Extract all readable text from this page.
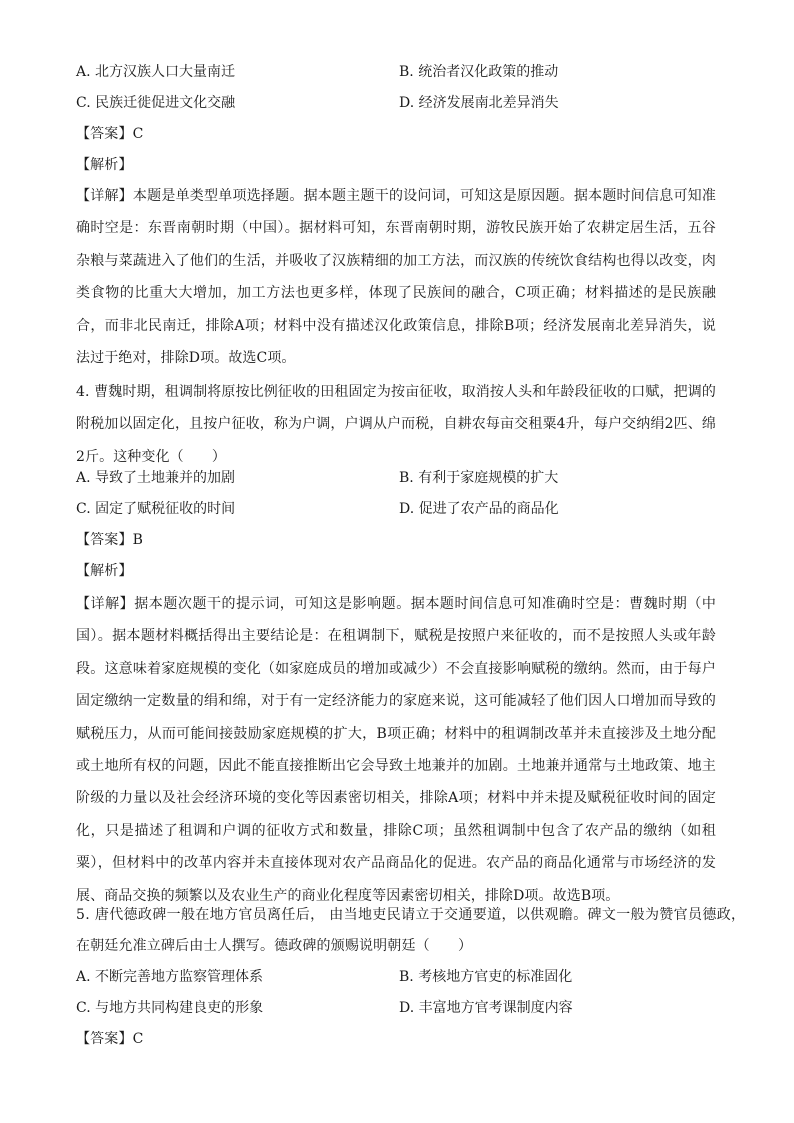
A. 北方汉族人口大量南迁	B. 统治者汉化政策的推动
C. 民族迁徙促进文化交融	D. 经济发展南北差异消失
【答案】C
【解析】
【详解】本题是单类型单项选择题。据本题主题干的设问词，可知这是原因题。据本题时间信息可知准确时空是：东晋南朝时期（中国）。据材料可知，东晋南朝时期，游牧民族开始了农耕定居生活，五谷杂粮与菜蔬进入了他们的生活，并吸收了汉族精细的加工方法，而汉族的传统饮食结构也得以改变，肉类食物的比重大大增加，加工方法也更多样，体现了民族间的融合，C项正确；材料描述的是民族融合，而非北民南迁，排除A项；材料中没有描述汉化政策信息，排除B项；经济发展南北差异消失，说法过于绝对，排除D项。故选C项。
4. 曹魏时期，租调制将原按比例征收的田租固定为按亩征收，取消按人头和年龄段征收的口赋，把调的附税加以固定化，且按户征收，称为户调，户调从户而税，自耕农每亩交租粟4升，每户交纳绢2匹、绵2斤。这种变化（　　）
A. 导致了土地兼并的加剧	B. 有利于家庭规模的扩大
C. 固定了赋税征收的时间	D. 促进了农产品的商品化
【答案】B
【解析】
【详解】据本题次题干的提示词，可知这是影响题。据本题时间信息可知准确时空是：曹魏时期（中国）。据本题材料概括得出主要结论是：在租调制下，赋税是按照户来征收的，而不是按照人头或年龄段。这意味着家庭规模的变化（如家庭成员的增加或减少）不会直接影响赋税的缴纳。然而，由于每户固定缴纳一定数量的绢和绵，对于有一定经济能力的家庭来说，这可能减轻了他们因人口增加而导致的赋税压力，从而可能间接鼓励家庭规模的扩大，B项正确；材料中的租调制改革并未直接涉及土地分配或土地所有权的问题，因此不能直接推断出它会导致土地兼并的加剧。土地兼并通常与土地政策、地主阶级的力量以及社会经济环境的变化等因素密切相关，排除A项；材料中并未提及赋税征收时间的固定化，只是描述了租调和户调的征收方式和数量，排除C项；虽然租调制中包含了农产品的缴纳（如租粟），但材料中的改革内容并未直接体现对农产品商品化的促进。农产品的商品化通常与市场经济的发展、商品交换的频繁以及农业生产的商业化程度等因素密切相关，排除D项。故选B项。
5. 唐代德政碑一般在地方官员离任后， 由当地吏民请立于交通要道，以供观瞻。碑文一般为赞官员德政，
在朝廷允准立碑后由士人撰写。德政碑的颁赐说明朝廷（　　）
A. 不断完善地方监察管理体系	B. 考核地方官吏的标准固化
C. 与地方共同构建良吏的形象	D. 丰富地方官考课制度内容
【答案】C
